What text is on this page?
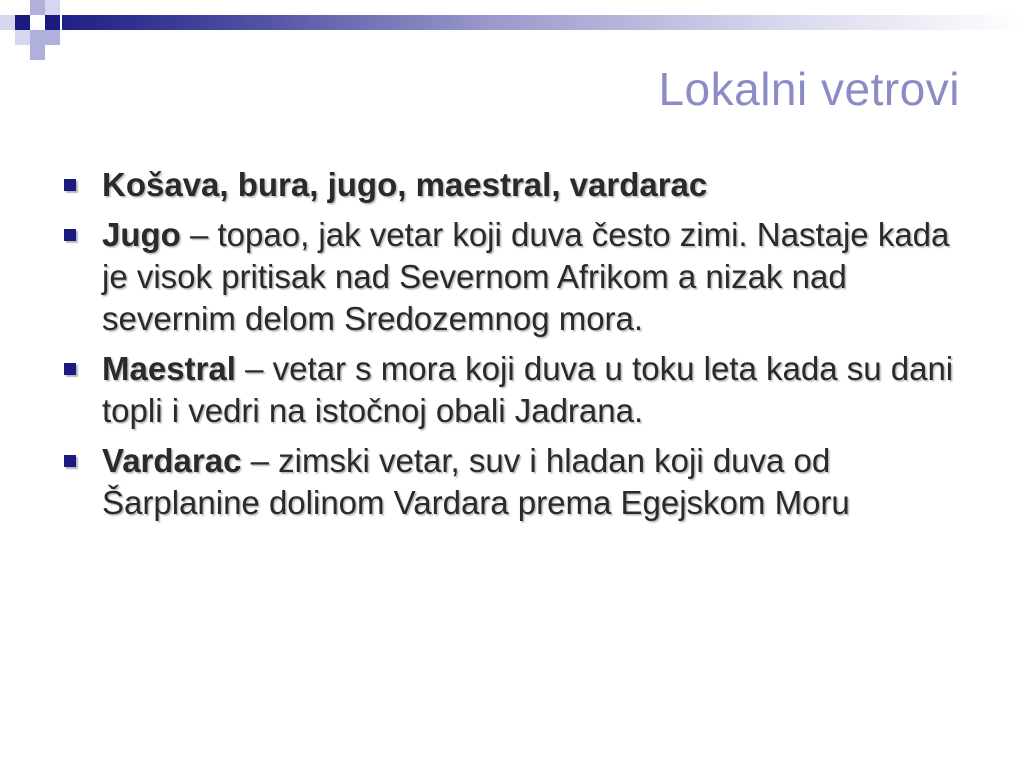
Lokalni vetrovi
Košava, bura, jugo, maestral, vardarac
Jugo – topao, jak vetar koji duva često zimi. Nastaje kada je visok pritisak nad Severnom Afrikom a nizak nad severnim delom Sredozemnog mora.
Maestral – vetar s mora koji duva u toku leta kada su dani topli i vedri na istočnoj obali Jadrana.
Vardarac – zimski vetar, suv i hladan koji duva od Šarplanine dolinom Vardara prema Egejskom Moru
